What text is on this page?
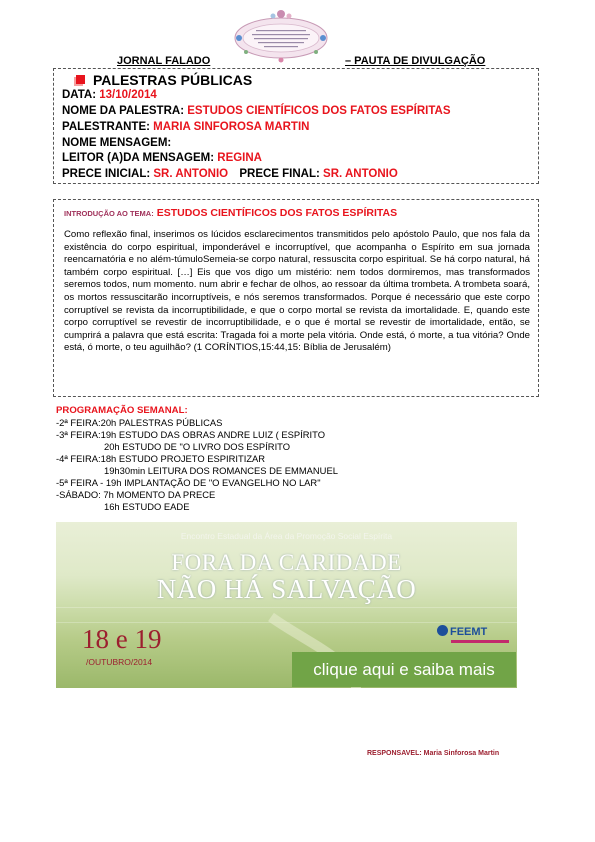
JORNAL FALADO	– PAUTA DE DIVULGAÇÃO
PALESTRAS PÚBLICAS
DATA: 13/10/2014
NOME DA PALESTRA: ESTUDOS CIENTÍFICOS DOS FATOS ESPÍRITAS
PALESTRANTE: MARIA SINFOROSA MARTIN
NOME MENSAGEM:
LEITOR (A)DA MENSAGEM: REGINA
PRECE INICIAL: SR. ANTONIO PRECE FINAL: SR. ANTONIO
INTRODUÇÃO AO TEMA: ESTUDOS CIENTÍFICOS DOS FATOS ESPÍRITAS
Como reflexão final, inserimos os lúcidos esclarecimentos transmitidos pelo apóstolo Paulo, que nos fala da existência do corpo espiritual, imponderável e incorruptível, que acompanha o Espírito em sua jornada reencarnatória e no além-túmuloSemeia-se corpo natural, ressuscita corpo espiritual. Se há corpo natural, há também corpo espiritual. […] Eis que vos digo um mistério: nem todos dormiremos, mas transformados seremos todos, num momento. num abrir e fechar de olhos, ao ressoar da última trombeta. A trombeta soará, os mortos ressuscitarão incorruptíveis, e nós seremos transformados. Porque é necessário que este corpo corruptível se revista da incorruptibilidade, e que o corpo mortal se revista da imortalidade. E, quando este corpo corruptível se revestir de incorruptibilidade, e o que é mortal se revestir de imortalidade, então, se cumprirá a palavra que está escrita: Tragada foi a morte pela vitória. Onde está, ó morte, a tua vitória? Onde está, ó morte, o teu aguilhão? (1 CORÍNTIOS,15:44,15: Bíblia de Jerusalém)
PROGRAMAÇÃO SEMANAL:
-2ª FEIRA:20h PALESTRAS PÚBLICAS
-3ª FEIRA:19h ESTUDO DAS OBRAS ANDRE LUIZ ( ESPÍRITO
20h ESTUDO DE "O LIVRO DOS ESPÍRITO
-4ª FEIRA:18h ESTUDO PROJETO ESPIRITIZAR
19h30min LEITURA DOS ROMANCES DE EMMANUEL
-5ª FEIRA - 19h IMPLANTAÇÃO DE "O EVANGELHO NO LAR"
-SÁBADO: 7h MOMENTO DA PRECE
16h ESTUDO EADE
Encontro Estadual da Área da Promoção Social Espírita
FORA DA CARIDADE
NÃO HÁ SALVAÇÃO
18 e 19
/OUTUBRO/2014
FEEMT
clique aqui e saiba mais
RESPONSAVEL: Maria Sinforosa Martin
